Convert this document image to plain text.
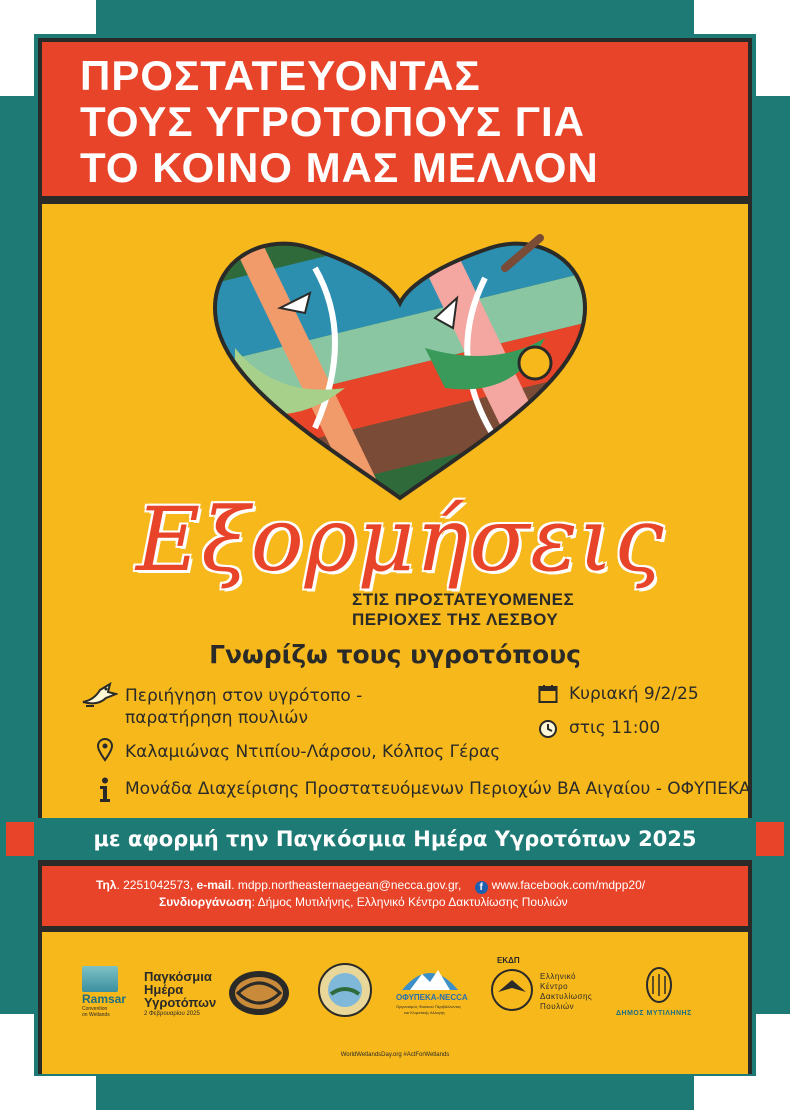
ΠΡΟΣΤΑΤΕΥΟΝΤΑΣ
ΤΟΥΣ ΥΓΡΟΤΟΠΟΥΣ ΓΙΑ
ΤΟ ΚΟΙΝΟ ΜΑΣ ΜΕΛΛΟΝ
Εξορμήσεις
ΣΤΙΣ ΠΡΟΣΤΑΤΕΥΟΜΕΝΕΣ
ΠΕΡΙΟΧΕΣ ΤΗΣ ΛΕΣΒΟΥ
Γνωρίζω τους υγροτόπους
Περιήγηση στον υγρότοπο -
παρατήρηση πουλιών
Κυριακή 9/2/25
στις 11:00
Καλαμιώνας Ντιπίου-Λάρσου, Κόλπος Γέρας
Μονάδα Διαχείρισης Προστατευόμενων Περιοχών ΒΑ Αιγαίου - ΟΦΥΠΕΚΑ
με αφορμή την Παγκόσμια Ημέρα Υγροτόπων 2025
Τηλ. 2251042573, e-mail. mdpp.northeasternaegean@necca.gov.gr, f www.facebook.com/mdpp20/
Συνδιοργάνωση: Δήμος Μυτιλήνης, Ελληνικό Κέντρο Δακτυλίωσης Πουλιών
Ramsar
Convention
on Wetlands
Παγκόσμια
Ημέρα
Υγροτόπων
2 Φεβρουαρίου 2025
ΟΦΥΠΕΚΑ-NECCA
Οργανισμός Φυσικού Περιβάλλοντος
και Κλιματικής Αλλαγής
ΕΚΔΠ
Ελληνικό
Κέντρο
Δακτυλίωσης
Πουλιών
ΔΗΜΟΣ ΜΥΤΙΛΗΝΗΣ
WorldWetlandsDay.org #ActForWetlands
